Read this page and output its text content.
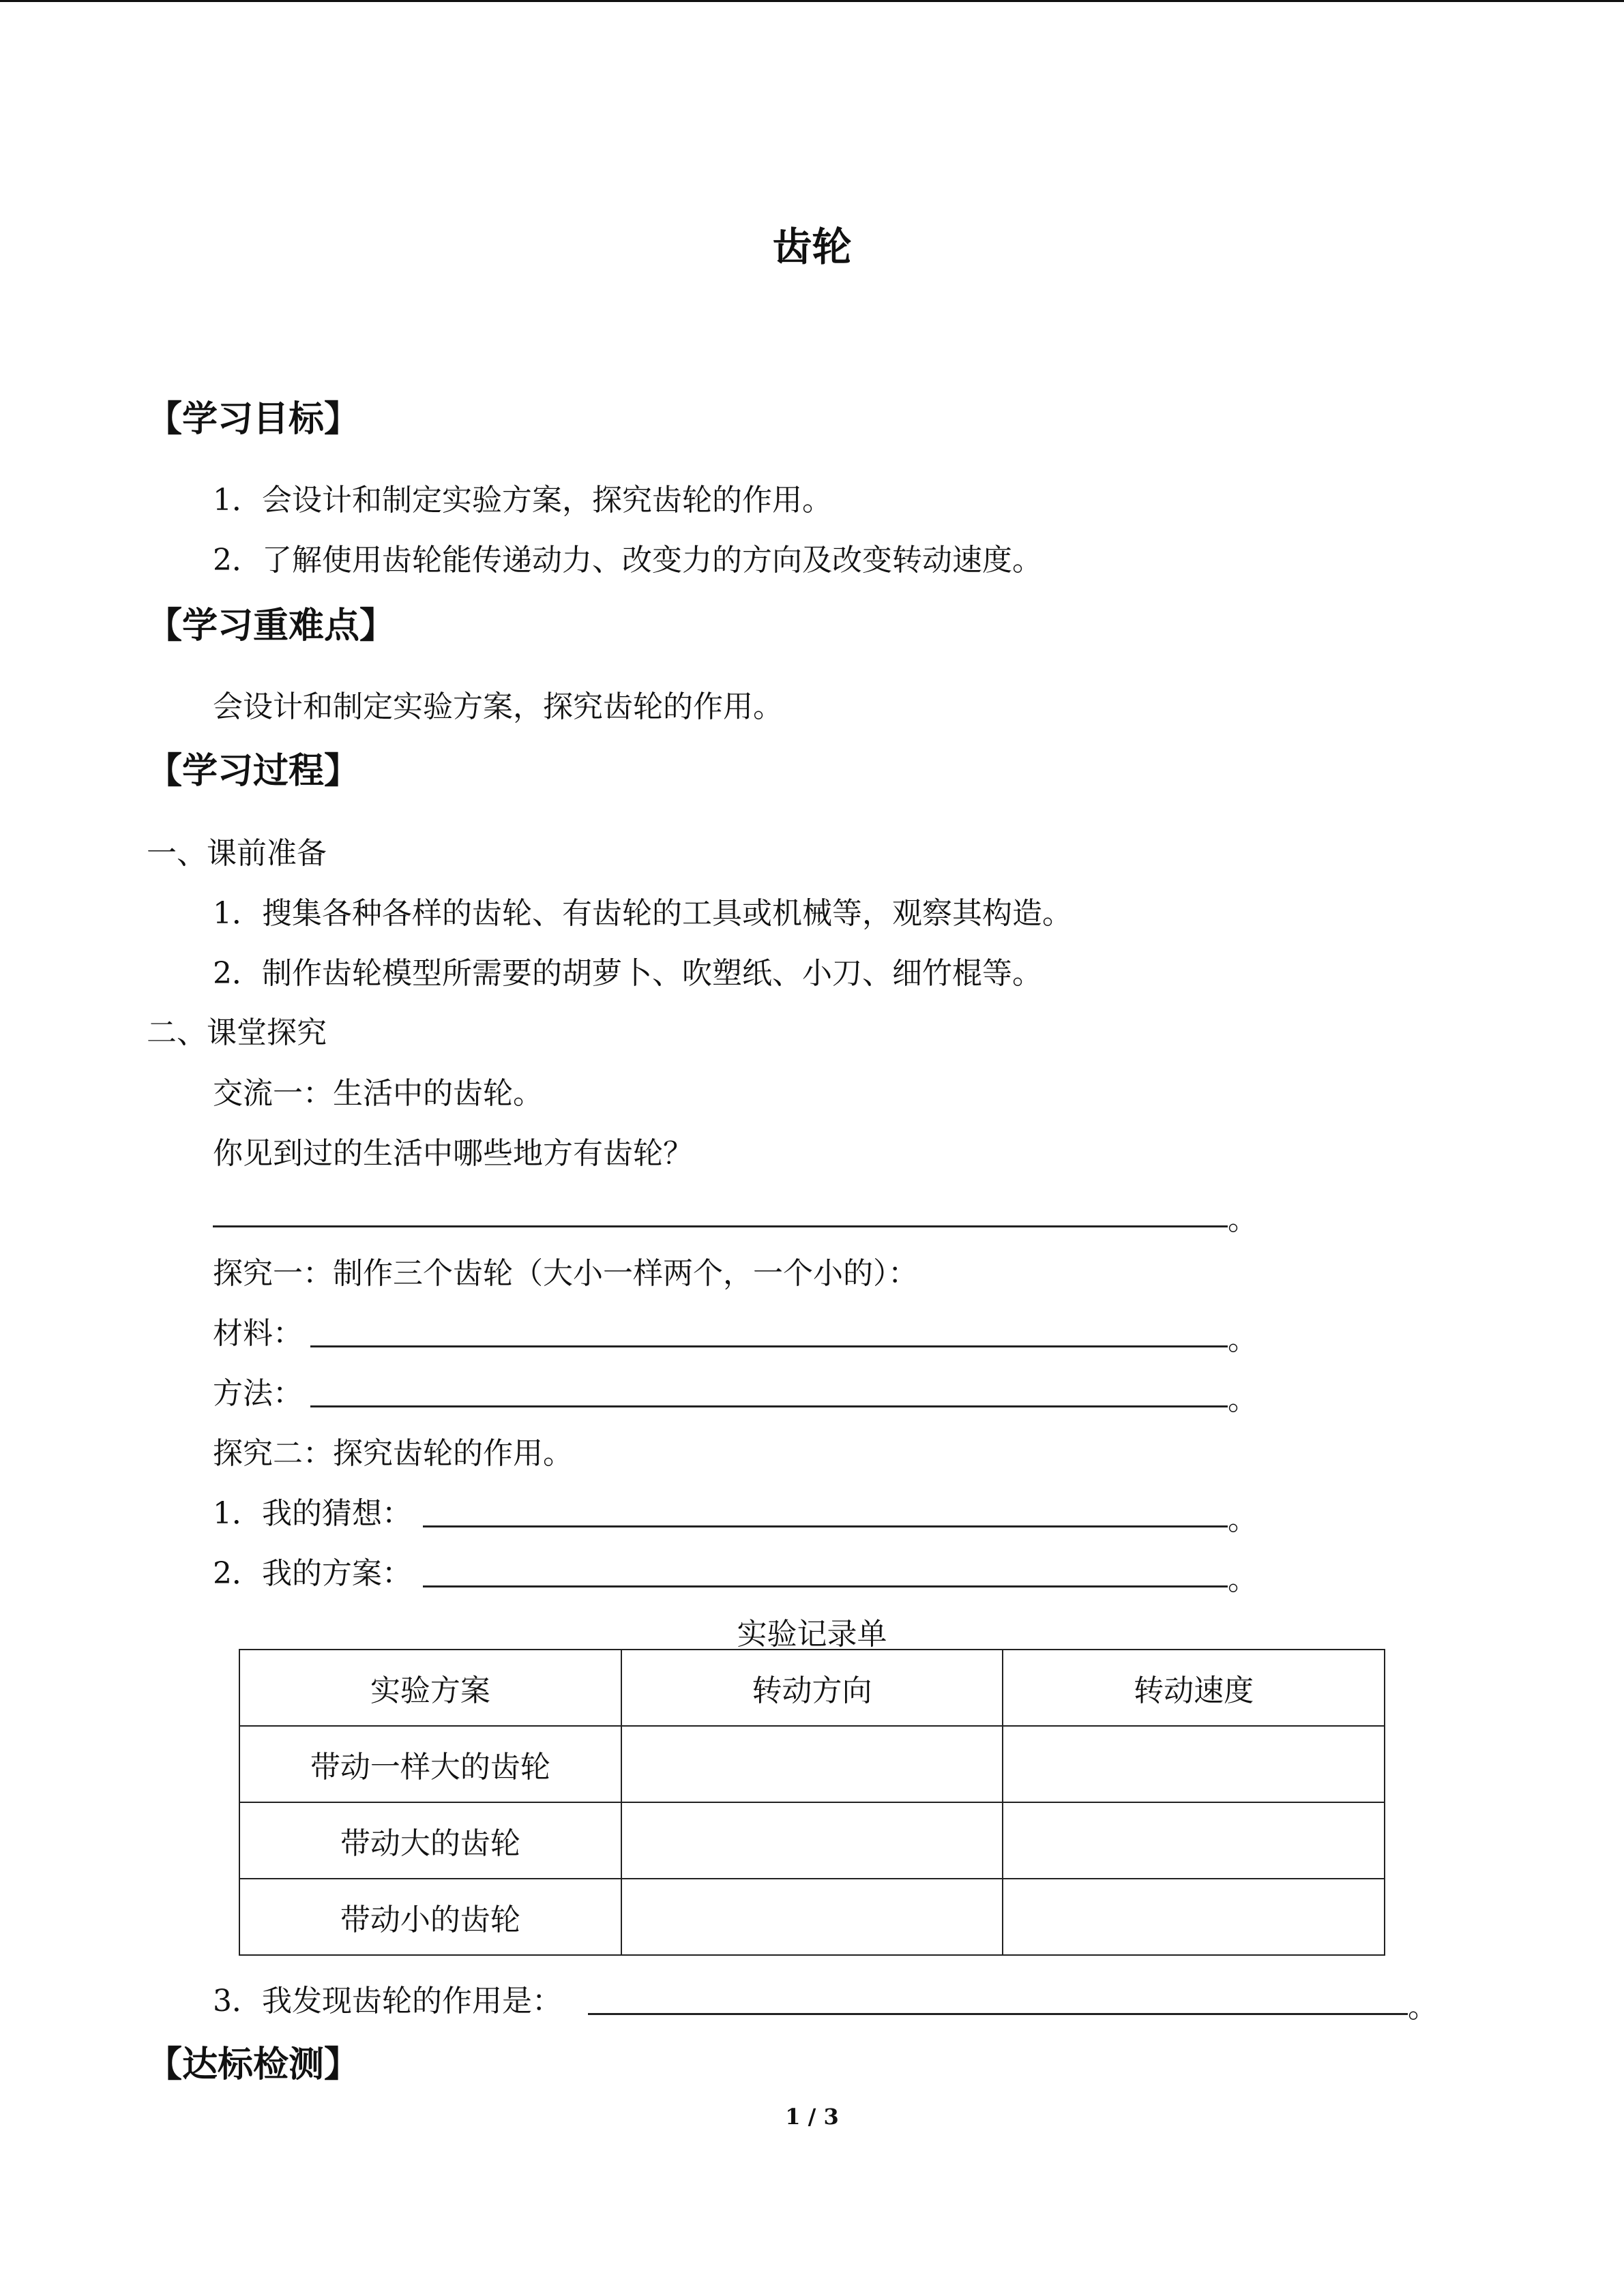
齿轮
【学习目标】
1．会设计和制定实验方案，探究齿轮的作用。
2．了解使用齿轮能传递动力、改变力的方向及改变转动速度。
【学习重难点】
会设计和制定实验方案，探究齿轮的作用。
【学习过程】
一、课前准备
1．搜集各种各样的齿轮、有齿轮的工具或机械等，观察其构造。
2．制作齿轮模型所需要的胡萝卜、吹塑纸、小刀、细竹棍等。
二、课堂探究
交流一：生活中的齿轮。
你见到过的生活中哪些地方有齿轮？
。
探究一：制作三个齿轮（大小一样两个，一个小的）：
材料：	。
方法：	。
探究二：探究齿轮的作用。
1．我的猜想：	。
2．我的方案：	。
实验记录单
实验方案	转动方向	转动速度
带动一样大的齿轮		
带动大的齿轮		
带动小的齿轮		
3．我发现齿轮的作用是：	。
【达标检测】
1 / 3
